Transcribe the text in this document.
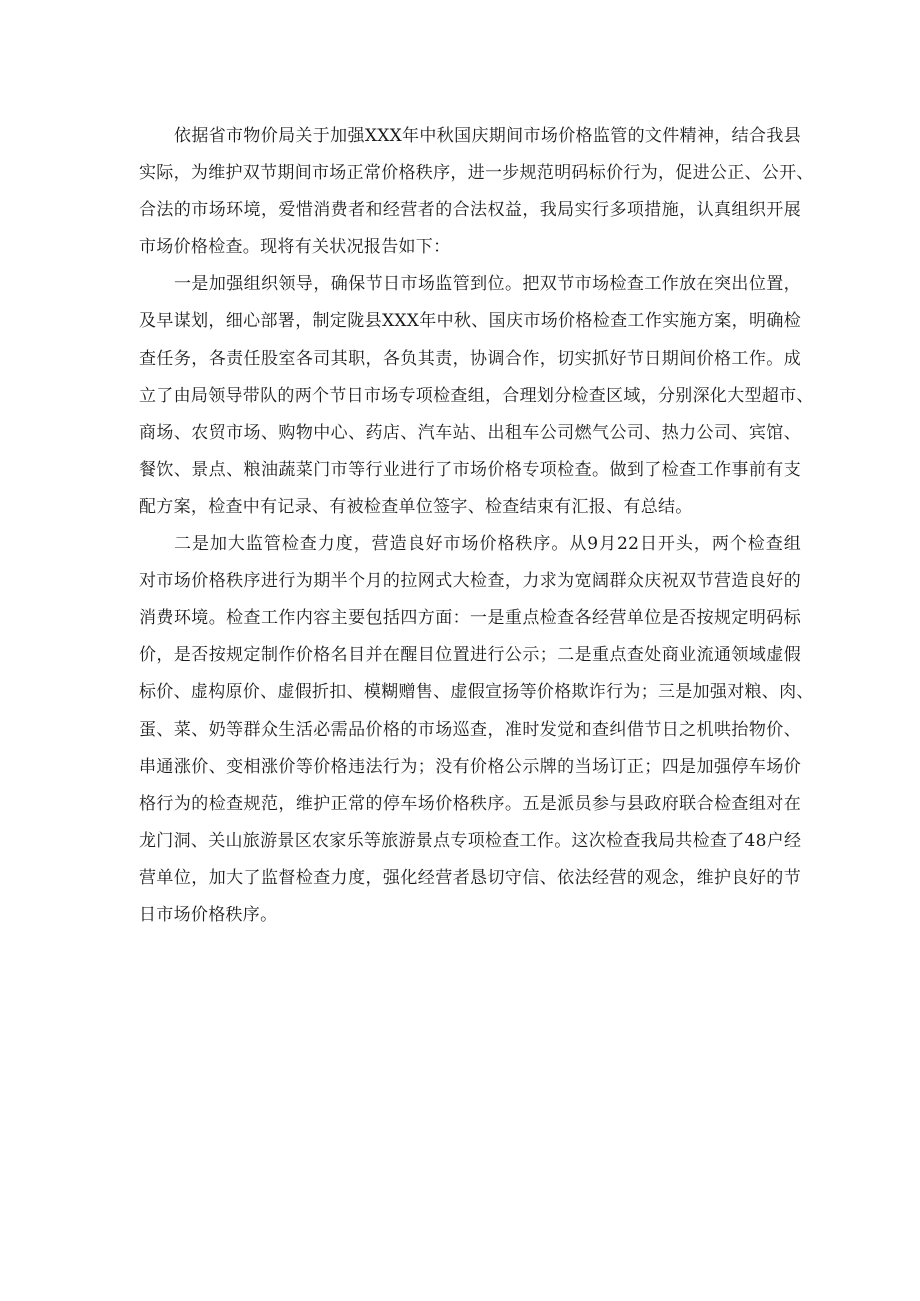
依据省市物价局关于加强XXX年中秋国庆期间市场价格监管的文件精神，结合我县
实际，为维护双节期间市场正常价格秩序，进一步规范明码标价行为，促进公正、公开、
合法的市场环境，爱惜消费者和经营者的合法权益，我局实行多项措施，认真组织开展
市场价格检查。现将有关状况报告如下：
一是加强组织领导，确保节日市场监管到位。把双节市场检查工作放在突出位置，
及早谋划，细心部署，制定陇县XXX年中秋、国庆市场价格检查工作实施方案，明确检
查任务，各责任股室各司其职，各负其责，协调合作，切实抓好节日期间价格工作。成
立了由局领导带队的两个节日市场专项检查组，合理划分检查区域，分别深化大型超市、
商场、农贸市场、购物中心、药店、汽车站、出租车公司燃气公司、热力公司、宾馆、
餐饮、景点、粮油蔬菜门市等行业进行了市场价格专项检查。做到了检查工作事前有支
配方案，检查中有记录、有被检查单位签字、检查结束有汇报、有总结。
二是加大监管检查力度，营造良好市场价格秩序。从9月22日开头，两个检查组
对市场价格秩序进行为期半个月的拉网式大检查，力求为宽阔群众庆祝双节营造良好的
消费环境。检查工作内容主要包括四方面：一是重点检查各经营单位是否按规定明码标
价，是否按规定制作价格名目并在醒目位置进行公示；二是重点查处商业流通领域虚假
标价、虚构原价、虚假折扣、模糊赠售、虚假宣扬等价格欺诈行为；三是加强对粮、肉、
蛋、菜、奶等群众生活必需品价格的市场巡查，准时发觉和查纠借节日之机哄抬物价、
串通涨价、变相涨价等价格违法行为；没有价格公示牌的当场订正；四是加强停车场价
格行为的检查规范，维护正常的停车场价格秩序。五是派员参与县政府联合检查组对在
龙门洞、关山旅游景区农家乐等旅游景点专项检查工作。这次检查我局共检查了48户经
营单位，加大了监督检查力度，强化经营者恳切守信、依法经营的观念，维护良好的节
日市场价格秩序。
